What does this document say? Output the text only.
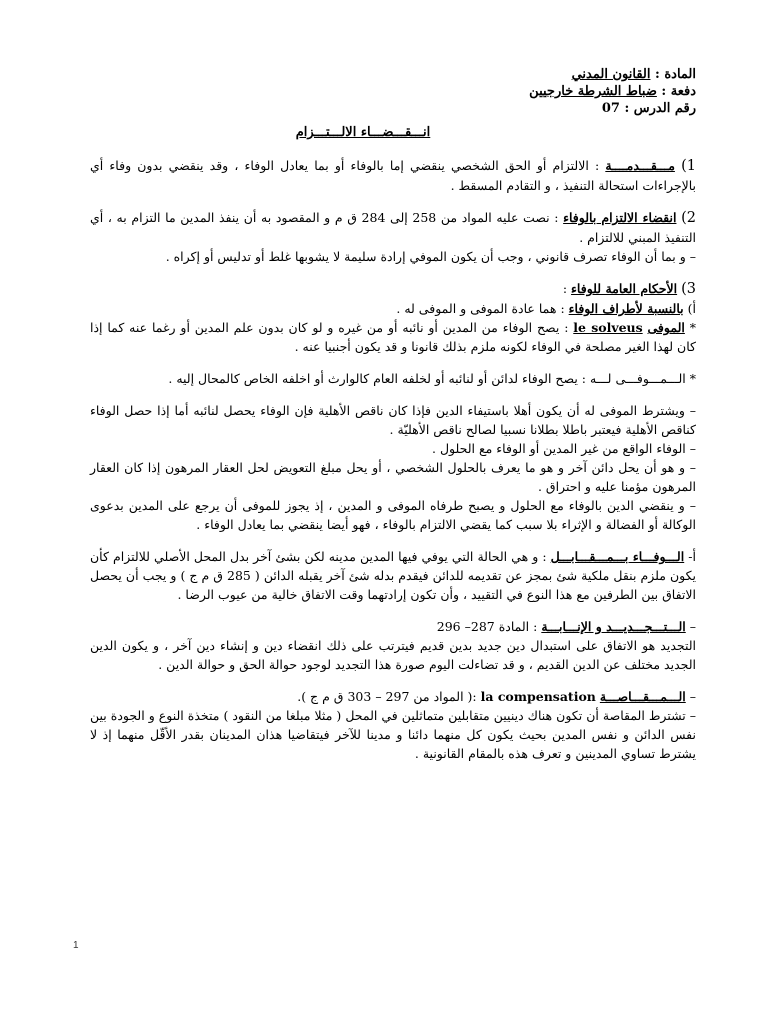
المادة : القانون المدني
دفعة : ضباط الشرطة خارجيين
رقم الدرس : 07
انـــقـــضـــاء الالـــتـــزام

1) مـــقـــدمــــة : الالتزام أو الحق الشخصي ينقضي إما بالوفاء أو بما يعادل الوفاء ، وقد ينقضي بدون وفاء أي بالإجراءات استحالة التنفيذ ، و التقادم المسقط .

2) انقضاء الالتزام بالوفاء : نصت عليه المواد من 258 إلى 284 ق م و المقصود به أن ينفذ المدين ما التزام به ، أي التنفيذ المبني للالتزام .

– و بما أن الوفاء تصرف قانوني ، وجب أن يكون الموفي إرادة سليمة لا يشوبها غلط أو تدليس أو إكراه .

3) الأحكام العامة للوفاء :

أ) بالنسبة لأطراف الوفاء : هما عادة الموفى و الموفى له .

* الموفى le solveus : يصح الوفاء من المدين أو نائبه أو من غيره و لو كان بدون علم المدين أو رغما عنه كما إذا كان لهذا الغير مصلحة في الوفاء لكونه ملزم بذلك قانونا و قد يكون أجنبيا عنه .

* الـــمـــوفـــى لـــه : يصح الوفاء لدائن أو لنائبه أو لخلفه العام كالوارث أو اخلفه الخاص كالمحال إليه .

– ويشترط الموفى له أن يكون أهلا باستيفاء الدين فإذا كان ناقص الأهلية فإن الوفاء يحصل لنائبه أما إذا حصل الوفاء كناقص الأهلية فيعتبر باطلا بطلانا نسبيا لصالح ناقص الأهليّة .

– الوفاء الواقع من غير المدين أو الوفاء مع الحلول .

– و هو أن يحل دائن آخر و هو ما يعرف بالحلول الشخصي ، أو يحل مبلغ التعويض لحل العقار المرهون إذا كان العقار المرهون مؤمنا عليه و احتراق .

– و ينقضي الدين بالوفاء مع الحلول و يصبح طرفاه الموفى و المدين ، إذ يجوز للموفى أن يرجع على المدين بدعوى الوكالة أو الفضالة و الإثراء بلا سبب كما يقضي الالتزام بالوفاء ، فهو أيضا ينقضي بما يعادل الوفاء .

أ- الـــوفـــاء بـــمـــقـــابـــل : و هي الحالة التي يوفي فيها المدين مدينه لكن بشئ آخر بدل المحل الأصلي للالتزام كأن يكون ملزم بنقل ملكية شئ بمجز عن تقديمه للدائن فيقدم بدله شئ آخر يقبله الدائن ( 285 ق م ج ) و يجب أن يحصل الاتفاق بين الطرفين مع هذا النوع في التقييد ، وأن تكون إرادتهما وقت الاتفاق خالية من عيوب الرضا .

– الـــتـــجـــديـــد و الإنـــابـــة : المادة 287– 296

التجديد هو الاتفاق على استبدال دين جديد بدين قديم فيترتب على ذلك انقضاء دين و إنشاء دين آخر ، و يكون الدين الجديد مختلف عن الدين القديم ، و قد تضاءلت اليوم صورة هذا التجديد لوجود حوالة الحق و حوالة الدين .

– الـــمـــقـــاصـــة la compensation :( المواد من 297 – 303 ق م ج ).

– تشترط المقاصة أن تكون هناك دينيين متقابلين متماثلين في المحل ( مثلا مبلغا من النقود ) متخذة النوع و الجودة بين نفس الدائن و نفس المدين بحيث يكون كل منهما دائنا و مدينا للآخر فيتقاضيا هذان المدينان بقدر الأقّل منهما إذ لا يشترط تساوي المدينين و تعرف هذه بالمقام القانونية .

1
